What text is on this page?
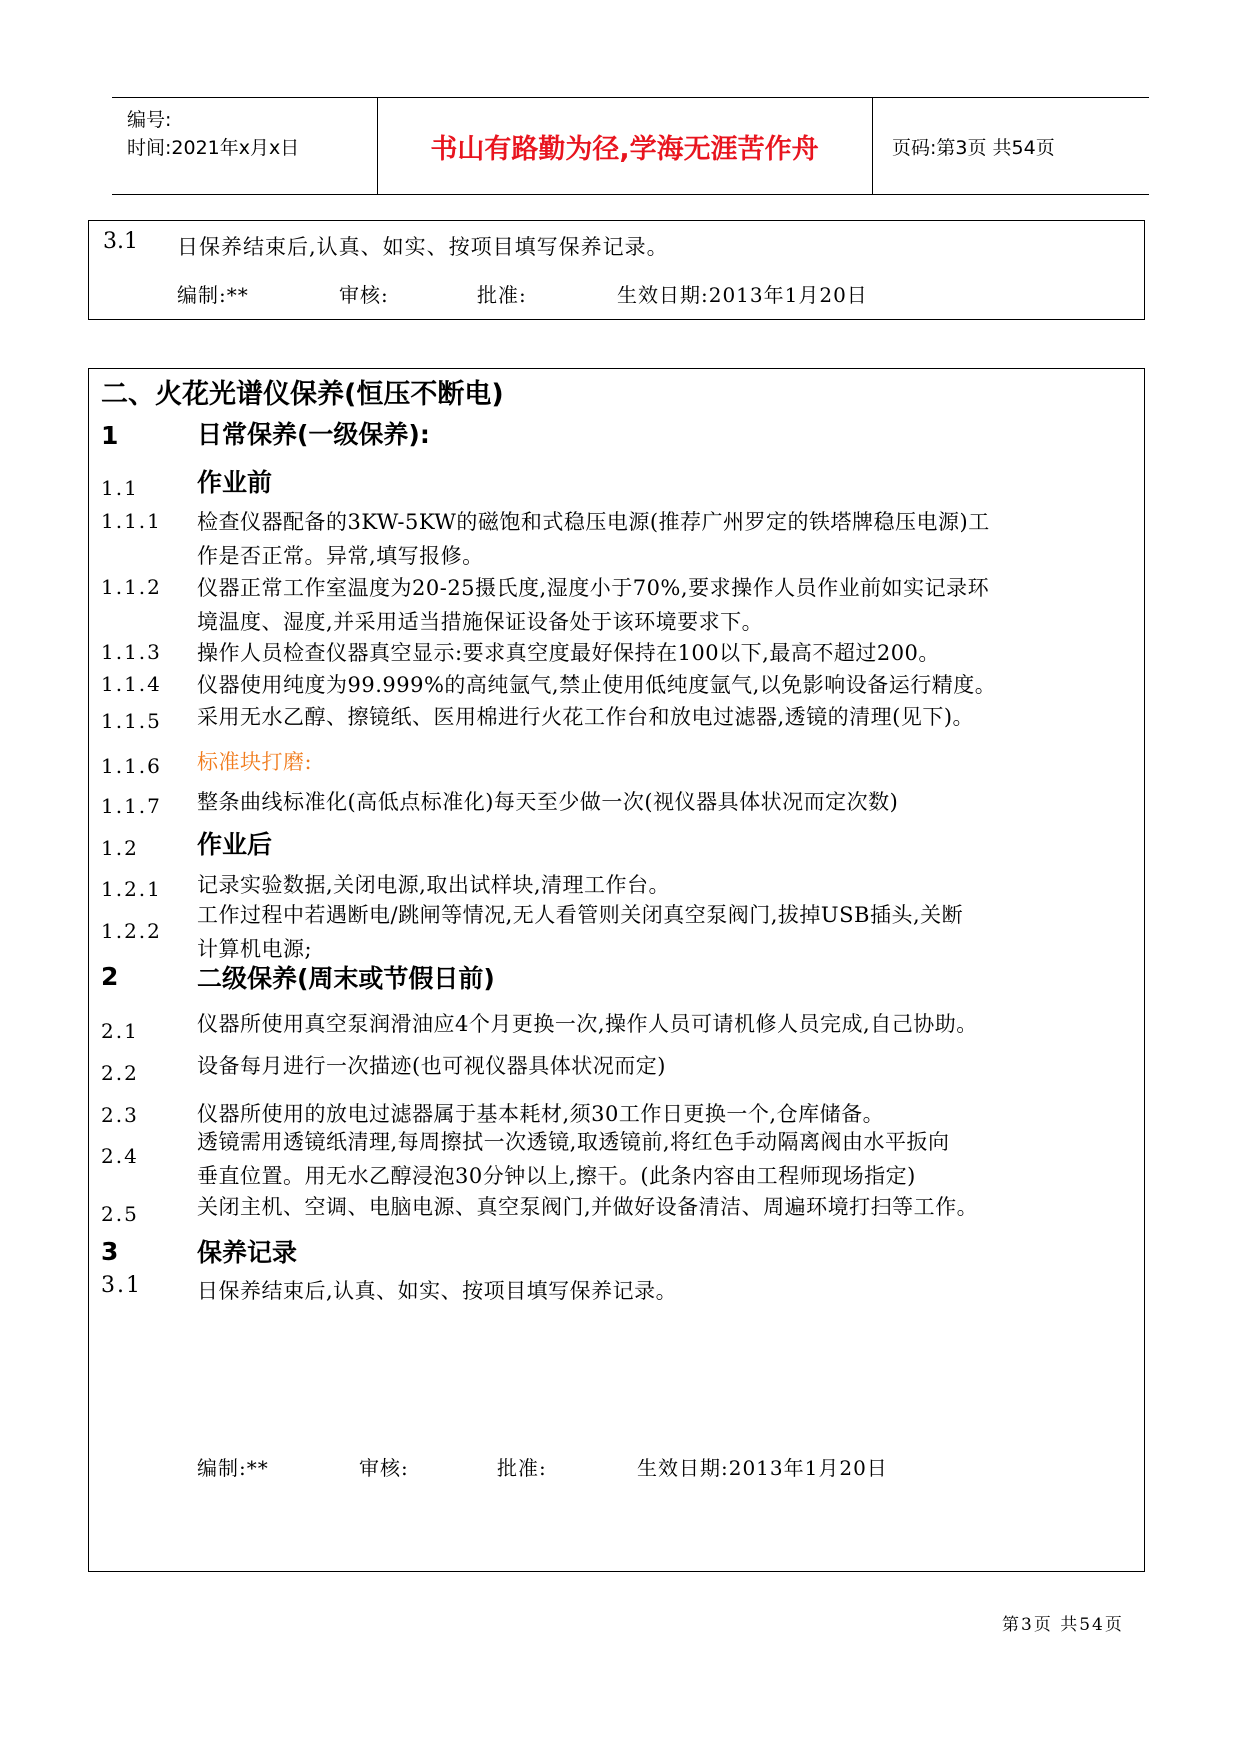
编号:
时间:2021年x月x日	书山有路勤为径,学海无涯苦作舟	页码:第3页 共54页
3.1 日保养结束后,认真、如实、按项目填写保养记录。
编制:**	审核:	批准:	生效日期:2013年1月20日
二、火花光谱仪保养(恒压不断电)
1	日常保养(一级保养):
1.1 作业前
1.1.1 检查仪器配备的3KW-5KW的磁饱和式稳压电源(推荐广州罗定的铁塔牌稳压电源)工
作是否正常。异常,填写报修。
1.1.2 仪器正常工作室温度为20-25摄氏度,湿度小于70%,要求操作人员作业前如实记录环
境温度、湿度,并采用适当措施保证设备处于该环境要求下。
1.1.3 操作人员检查仪器真空显示:要求真空度最好保持在100以下,最高不超过200。
1.1.4 仪器使用纯度为99.999%的高纯氩气,禁止使用低纯度氩气,以免影响设备运行精度。
1.1.5 采用无水乙醇、擦镜纸、医用棉进行火花工作台和放电过滤器,透镜的清理(见下)。
1.1.6 标准块打磨:
1.1.7 整条曲线标准化(高低点标准化)每天至少做一次(视仪器具体状况而定次数)
1.2 作业后
1.2.1 记录实验数据,关闭电源,取出试样块,清理工作台。
1.2.2
工作过程中若遇断电/跳闸等情况,无人看管则关闭真空泵阀门,拔掉USB插头,关断
计算机电源;
2	二级保养(周末或节假日前)
2.1	仪器所使用真空泵润滑油应4个月更换一次,操作人员可请机修人员完成,自己协助。
2.2	设备每月进行一次描迹(也可视仪器具体状况而定)
2.3	仪器所使用的放电过滤器属于基本耗材,须30工作日更换一个,仓库储备。
2.4
透镜需用透镜纸清理,每周擦拭一次透镜,取透镜前,将红色手动隔离阀由水平扳向
垂直位置。用无水乙醇浸泡30分钟以上,擦干。(此条内容由工程师现场指定)
2.5	关闭主机、空调、电脑电源、真空泵阀门,并做好设备清洁、周遍环境打扫等工作。
3	保养记录
3.1	日保养结束后,认真、如实、按项目填写保养记录。
编制:**	审核:	批准:	生效日期:2013年1月20日
第3页 共54页
